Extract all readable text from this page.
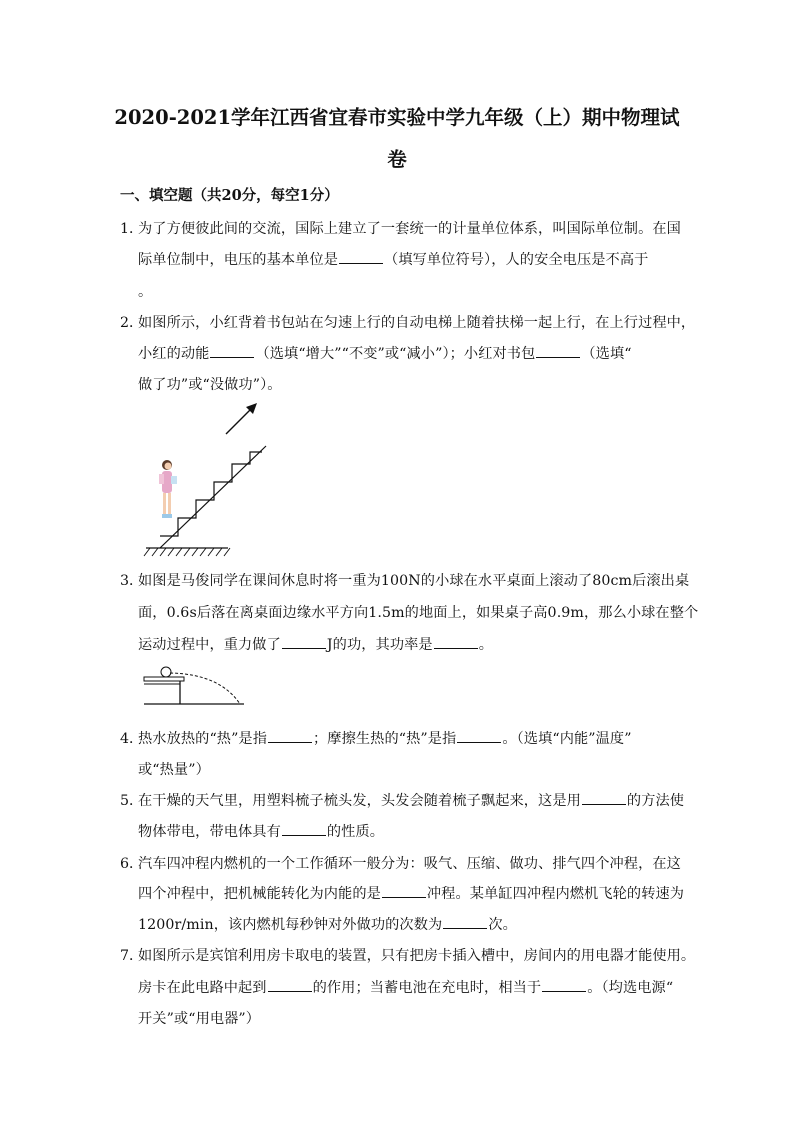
2020-2021学年江西省宜春市实验中学九年级（上）期中物理试
卷
一、填空题（共20分，每空1分）
1．
为了方便彼此间的交流，国际上建立了一套统一的计量单位体系，叫国际单位制。在国
际单位制中，电压的基本单位是	（填写单位符号），人的安全电压是不高于
。
2．
如图所示，小红背着书包站在匀速上行的自动电梯上随着扶梯一起上行，在上行过程中，
小红的动能	（选填“增大”“不变”或“减小”）；小红对书包	（选填“
做了功”或“没做功”）。
3．
如图是马俊同学在课间休息时将一重为100N的小球在水平桌面上滚动了80cm后滚出桌
面，0.6s后落在离桌面边缘水平方向1.5m的地面上，如果桌子高0.9m，那么小球在整个
运动过程中，重力做了	J的功，其功率是	。
4．
热水放热的“热”是指	；摩擦生热的“热”是指	。（选填“内能”温度”
或“热量”）
5．
在干燥的天气里，用塑料梳子梳头发，头发会随着梳子飘起来，这是用	的方法使
物体带电，带电体具有	的性质。
6．
汽车四冲程内燃机的一个工作循环一般分为：吸气、压缩、做功、排气四个冲程，在这
四个冲程中，把机械能转化为内能的是	冲程。某单缸四冲程内燃机飞轮的转速为
1200r/min，该内燃机每秒钟对外做功的次数为	次。
7．
如图所示是宾馆利用房卡取电的装置，只有把房卡插入槽中，房间内的用电器才能使用。
房卡在此电路中起到	的作用；当蓄电池在充电时，相当于	。（均选电源“
开关”或“用电器”）
